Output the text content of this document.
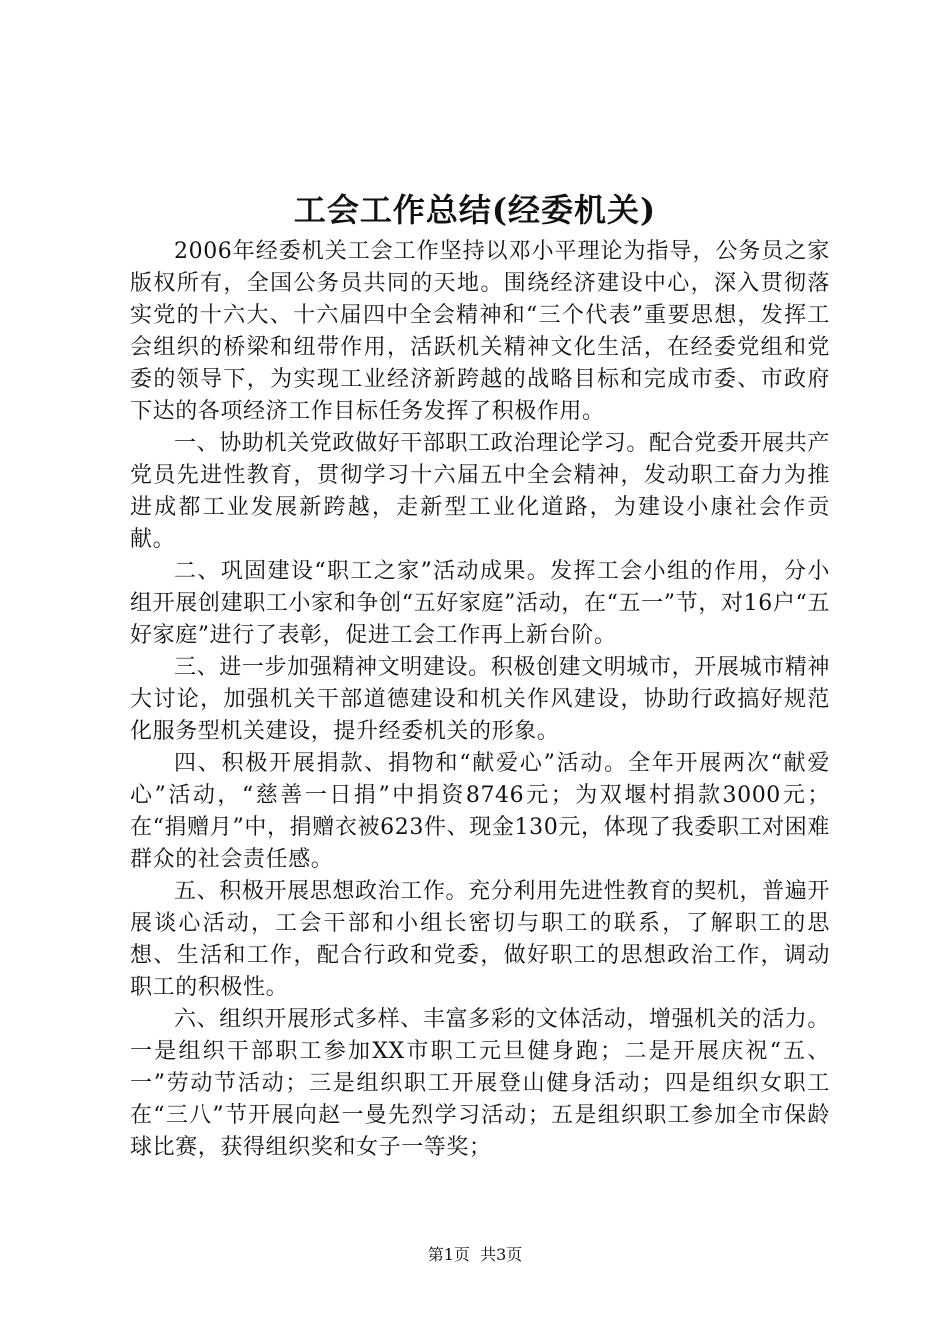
工会工作总结(经委机关)

2006年经委机关工会工作坚持以邓小平理论为指导，公务员之家版权所有，全国公务员共同的天地。围绕经济建设中心，深入贯彻落实党的十六大、十六届四中全会精神和“三个代表”重要思想，发挥工会组织的桥梁和纽带作用，活跃机关精神文化生活，在经委党组和党委的领导下，为实现工业经济新跨越的战略目标和完成市委、市政府下达的各项经济工作目标任务发挥了积极作用。

一、协助机关党政做好干部职工政治理论学习。配合党委开展共产党员先进性教育，贯彻学习十六届五中全会精神，发动职工奋力为推进成都工业发展新跨越，走新型工业化道路，为建设小康社会作贡献。

二、巩固建设“职工之家”活动成果。发挥工会小组的作用，分小组开展创建职工小家和争创“五好家庭”活动，在“五一”节，对16户“五好家庭”进行了表彰，促进工会工作再上新台阶。

三、进一步加强精神文明建设。积极创建文明城市，开展城市精神大讨论，加强机关干部道德建设和机关作风建设，协助行政搞好规范化服务型机关建设，提升经委机关的形象。

四、积极开展捐款、捐物和“献爱心”活动。全年开展两次“献爱心”活动，“慈善一日捐”中捐资8746元；为双堰村捐款3000元；在“捐赠月”中，捐赠衣被623件、现金130元，体现了我委职工对困难群众的社会责任感。

五、积极开展思想政治工作。充分利用先进性教育的契机，普遍开展谈心活动，工会干部和小组长密切与职工的联系，了解职工的思想、生活和工作，配合行政和党委，做好职工的思想政治工作，调动职工的积极性。

六、组织开展形式多样、丰富多彩的文体活动，增强机关的活力。一是组织干部职工参加XX市职工元旦健身跑；二是开展庆祝“五、一”劳动节活动；三是组织职工开展登山健身活动；四是组织女职工在“三八”节开展向赵一曼先烈学习活动；五是组织职工参加全市保龄球比赛，获得组织奖和女子一等奖；

第1页 共3页
